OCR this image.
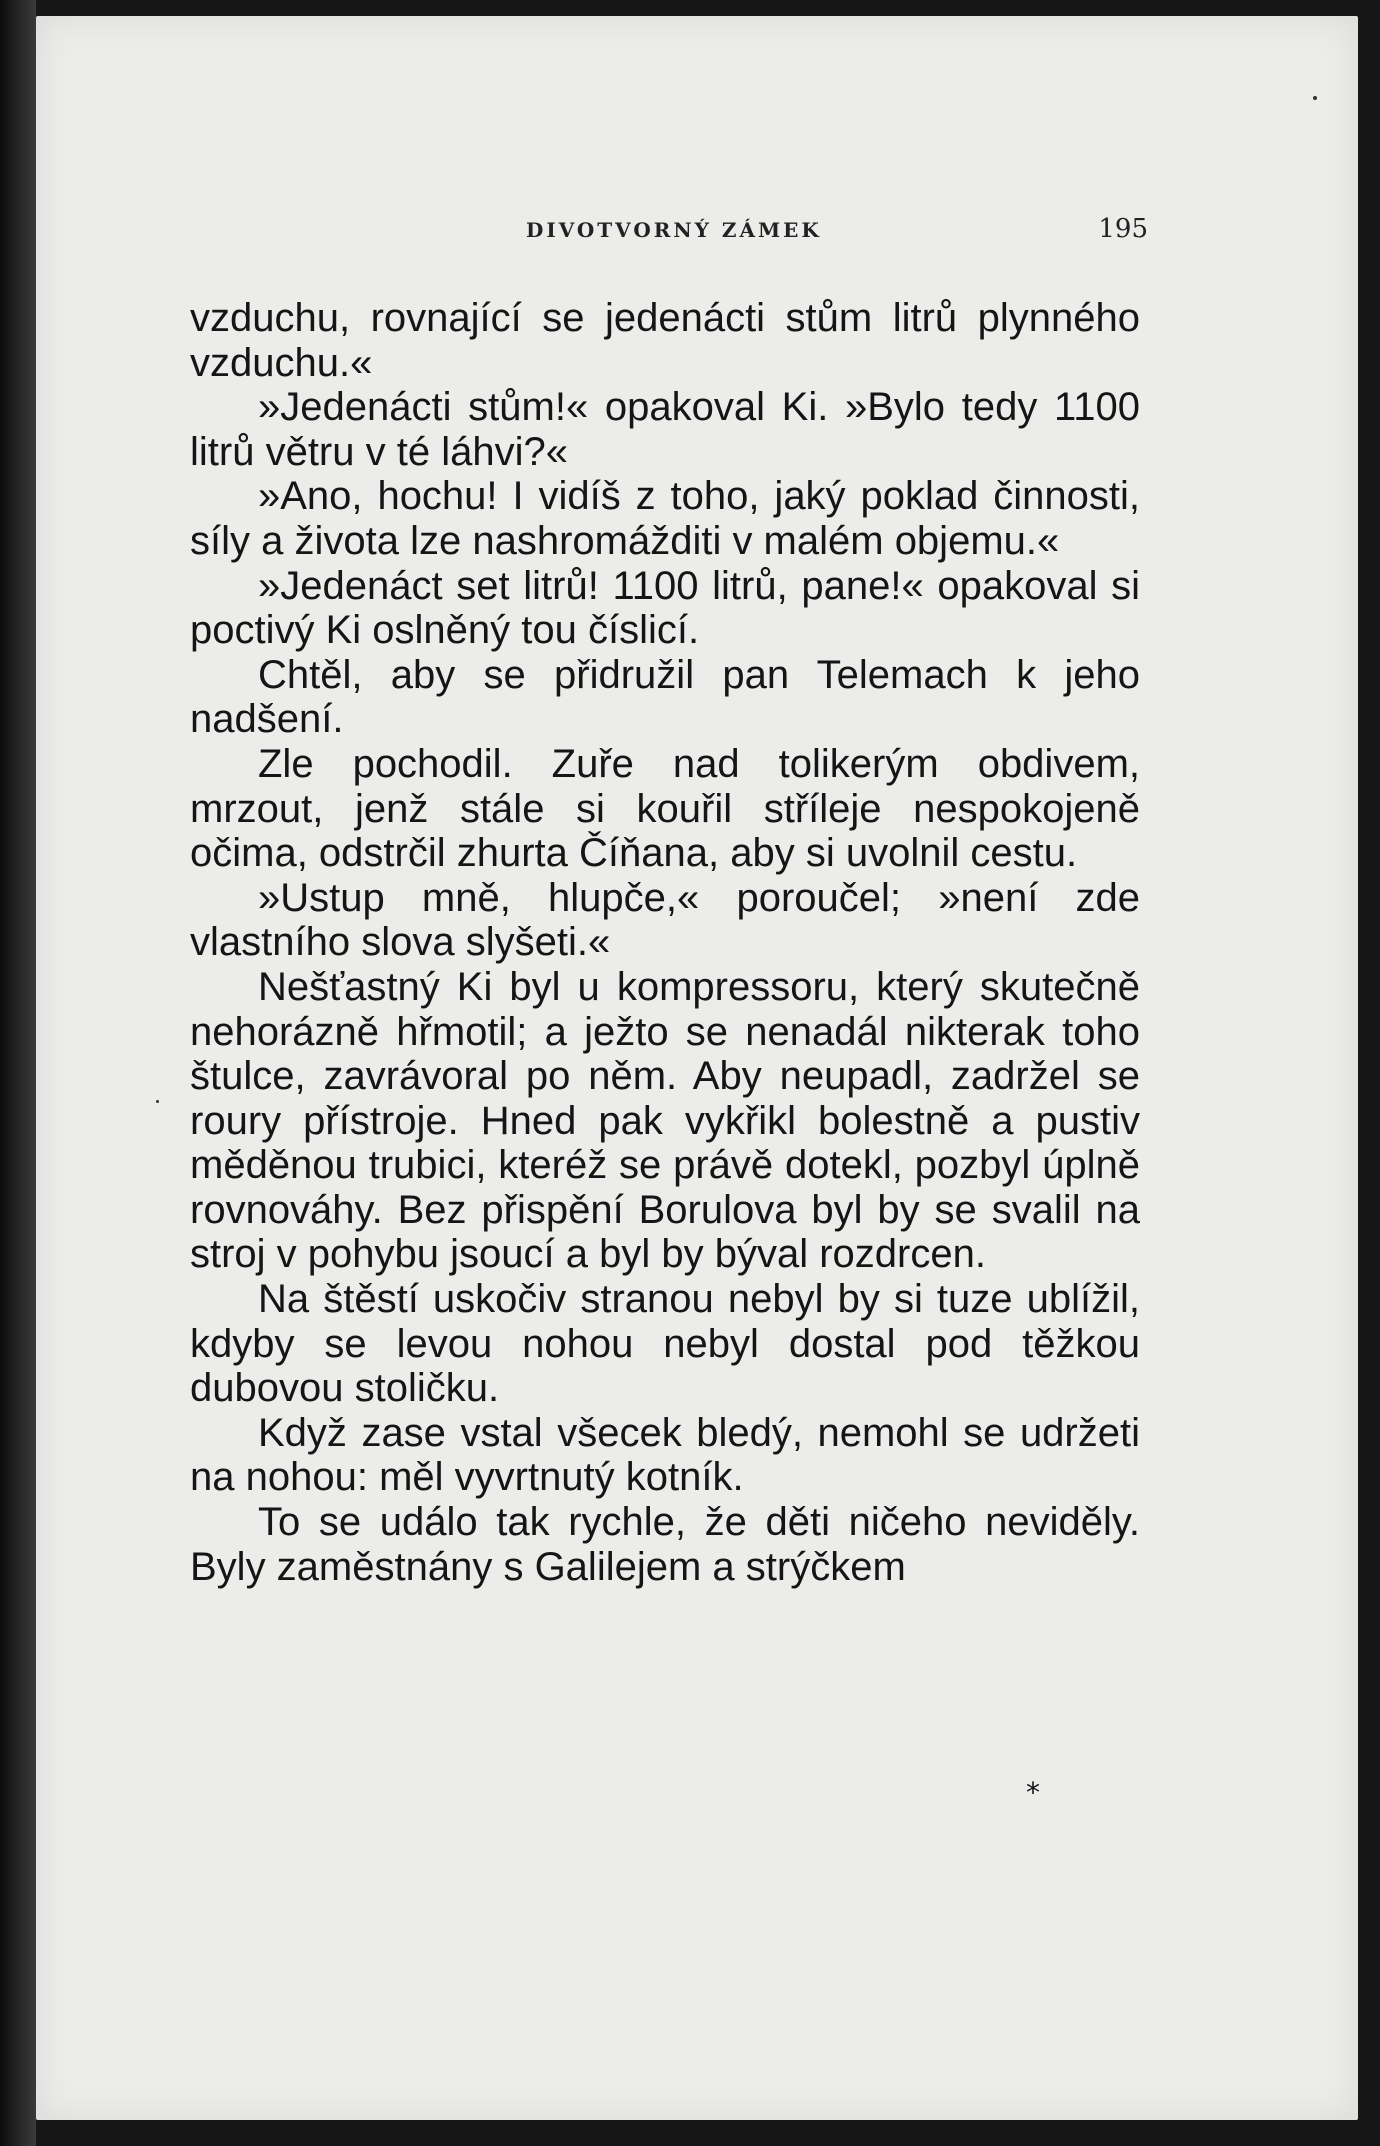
DIVOTVORNÝ ZÁMEK	195

vzduchu, rovnající se jedenácti stům litrů plynného vzduchu.«

»Jedenácti stům!« opakoval Ki. »Bylo tedy 1100 litrů větru v té láhvi?«

»Ano, hochu! I vidíš z toho, jaký poklad činnosti, síly a života lze nashromážditi v malém objemu.«

»Jedenáct set litrů! 1100 litrů, pane!« opakoval si poctivý Ki oslněný tou číslicí.

Chtěl, aby se přidružil pan Telemach k jeho nadšení.

Zle pochodil. Zuře nad tolikerým obdivem, mrzout, jenž stále si kouřil stříleje nespokojeně očima, odstrčil zhurta Číňana, aby si uvolnil cestu.

»Ustup mně, hlupče,« poroučel; »není zde vlastního slova slyšeti.«

Nešťastný Ki byl u kompressoru, který skutečně nehorázně hřmotil; a ježto se nenadál nikterak toho štulce, zavrávoral po něm. Aby neupadl, zadržel se roury přístroje. Hned pak vykřikl bolestně a pustiv měděnou trubici, kteréž se právě dotekl, pozbyl úplně rovnováhy. Bez přispění Borulova byl by se svalil na stroj v pohybu jsoucí a byl by býval rozdrcen.

Na štěstí uskočiv stranou nebyl by si tuze ublížil, kdyby se levou nohou nebyl dostal pod těžkou dubovou stoličku.

Když zase vstal všecek bledý, nemohl se udržeti na nohou: měl vyvrtnutý kotník.

To se událo tak rychle, že děti ničeho neviděly. Byly zaměstnány s Galilejem a strýčkem

*
